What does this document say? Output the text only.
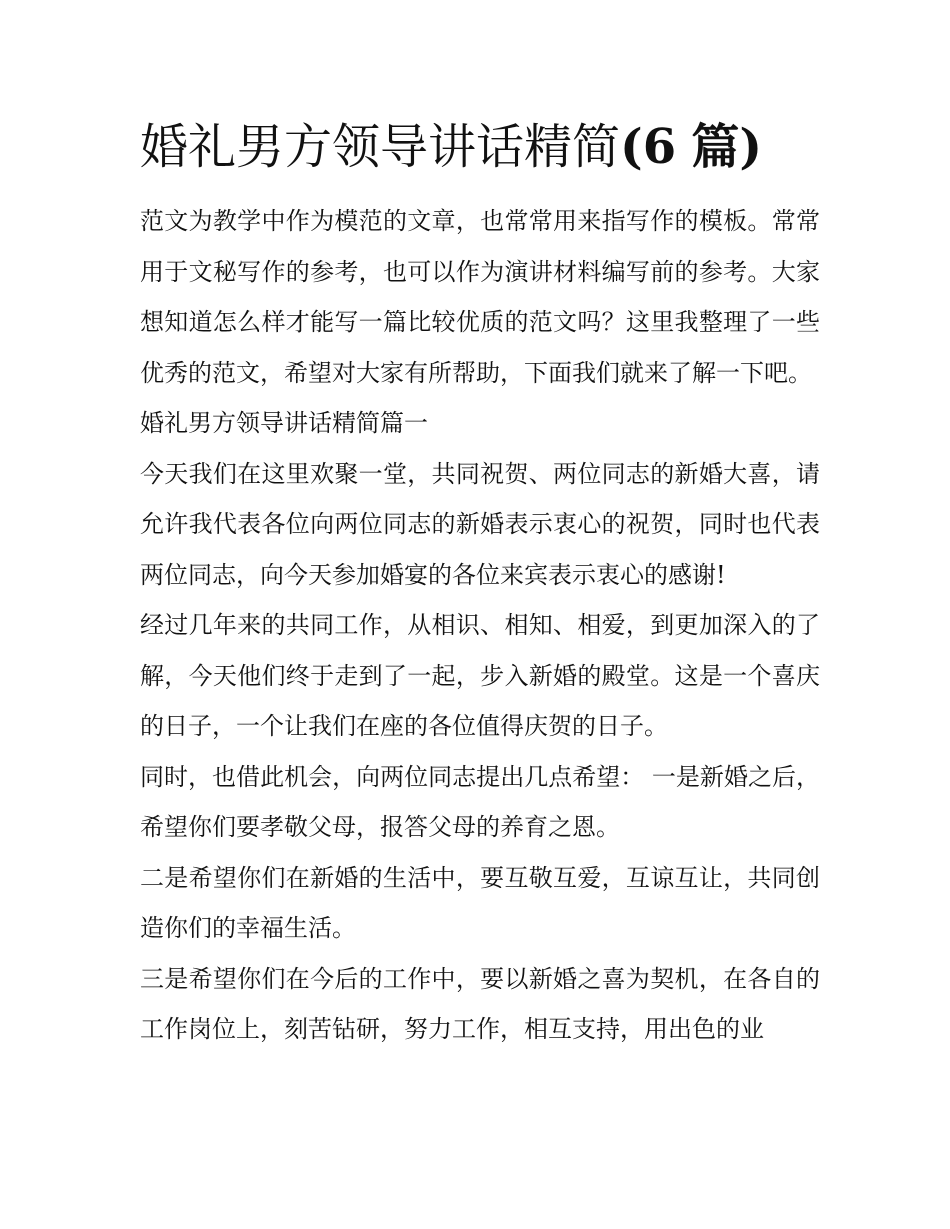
婚礼男方领导讲话精简(6 篇)

范文为教学中作为模范的文章，也常常用来指写作的模板。常常用于文秘写作的参考，也可以作为演讲材料编写前的参考。大家想知道怎么样才能写一篇比较优质的范文吗？这里我整理了一些优秀的范文，希望对大家有所帮助，下面我们就来了解一下吧。

婚礼男方领导讲话精简篇一

今天我们在这里欢聚一堂，共同祝贺、两位同志的新婚大喜，请允许我代表各位向两位同志的新婚表示衷心的祝贺，同时也代表两位同志，向今天参加婚宴的各位来宾表示衷心的感谢!

经过几年来的共同工作，从相识、相知、相爱，到更加深入的了解，今天他们终于走到了一起，步入新婚的殿堂。这是一个喜庆的日子，一个让我们在座的各位值得庆贺的日子。

同时，也借此机会，向两位同志提出几点希望： 一是新婚之后，希望你们要孝敬父母，报答父母的养育之恩。

二是希望你们在新婚的生活中，要互敬互爱，互谅互让，共同创造你们的幸福生活。

三是希望你们在今后的工作中，要以新婚之喜为契机，在各自的工作岗位上，刻苦钻研，努力工作，相互支持，用出色的业
